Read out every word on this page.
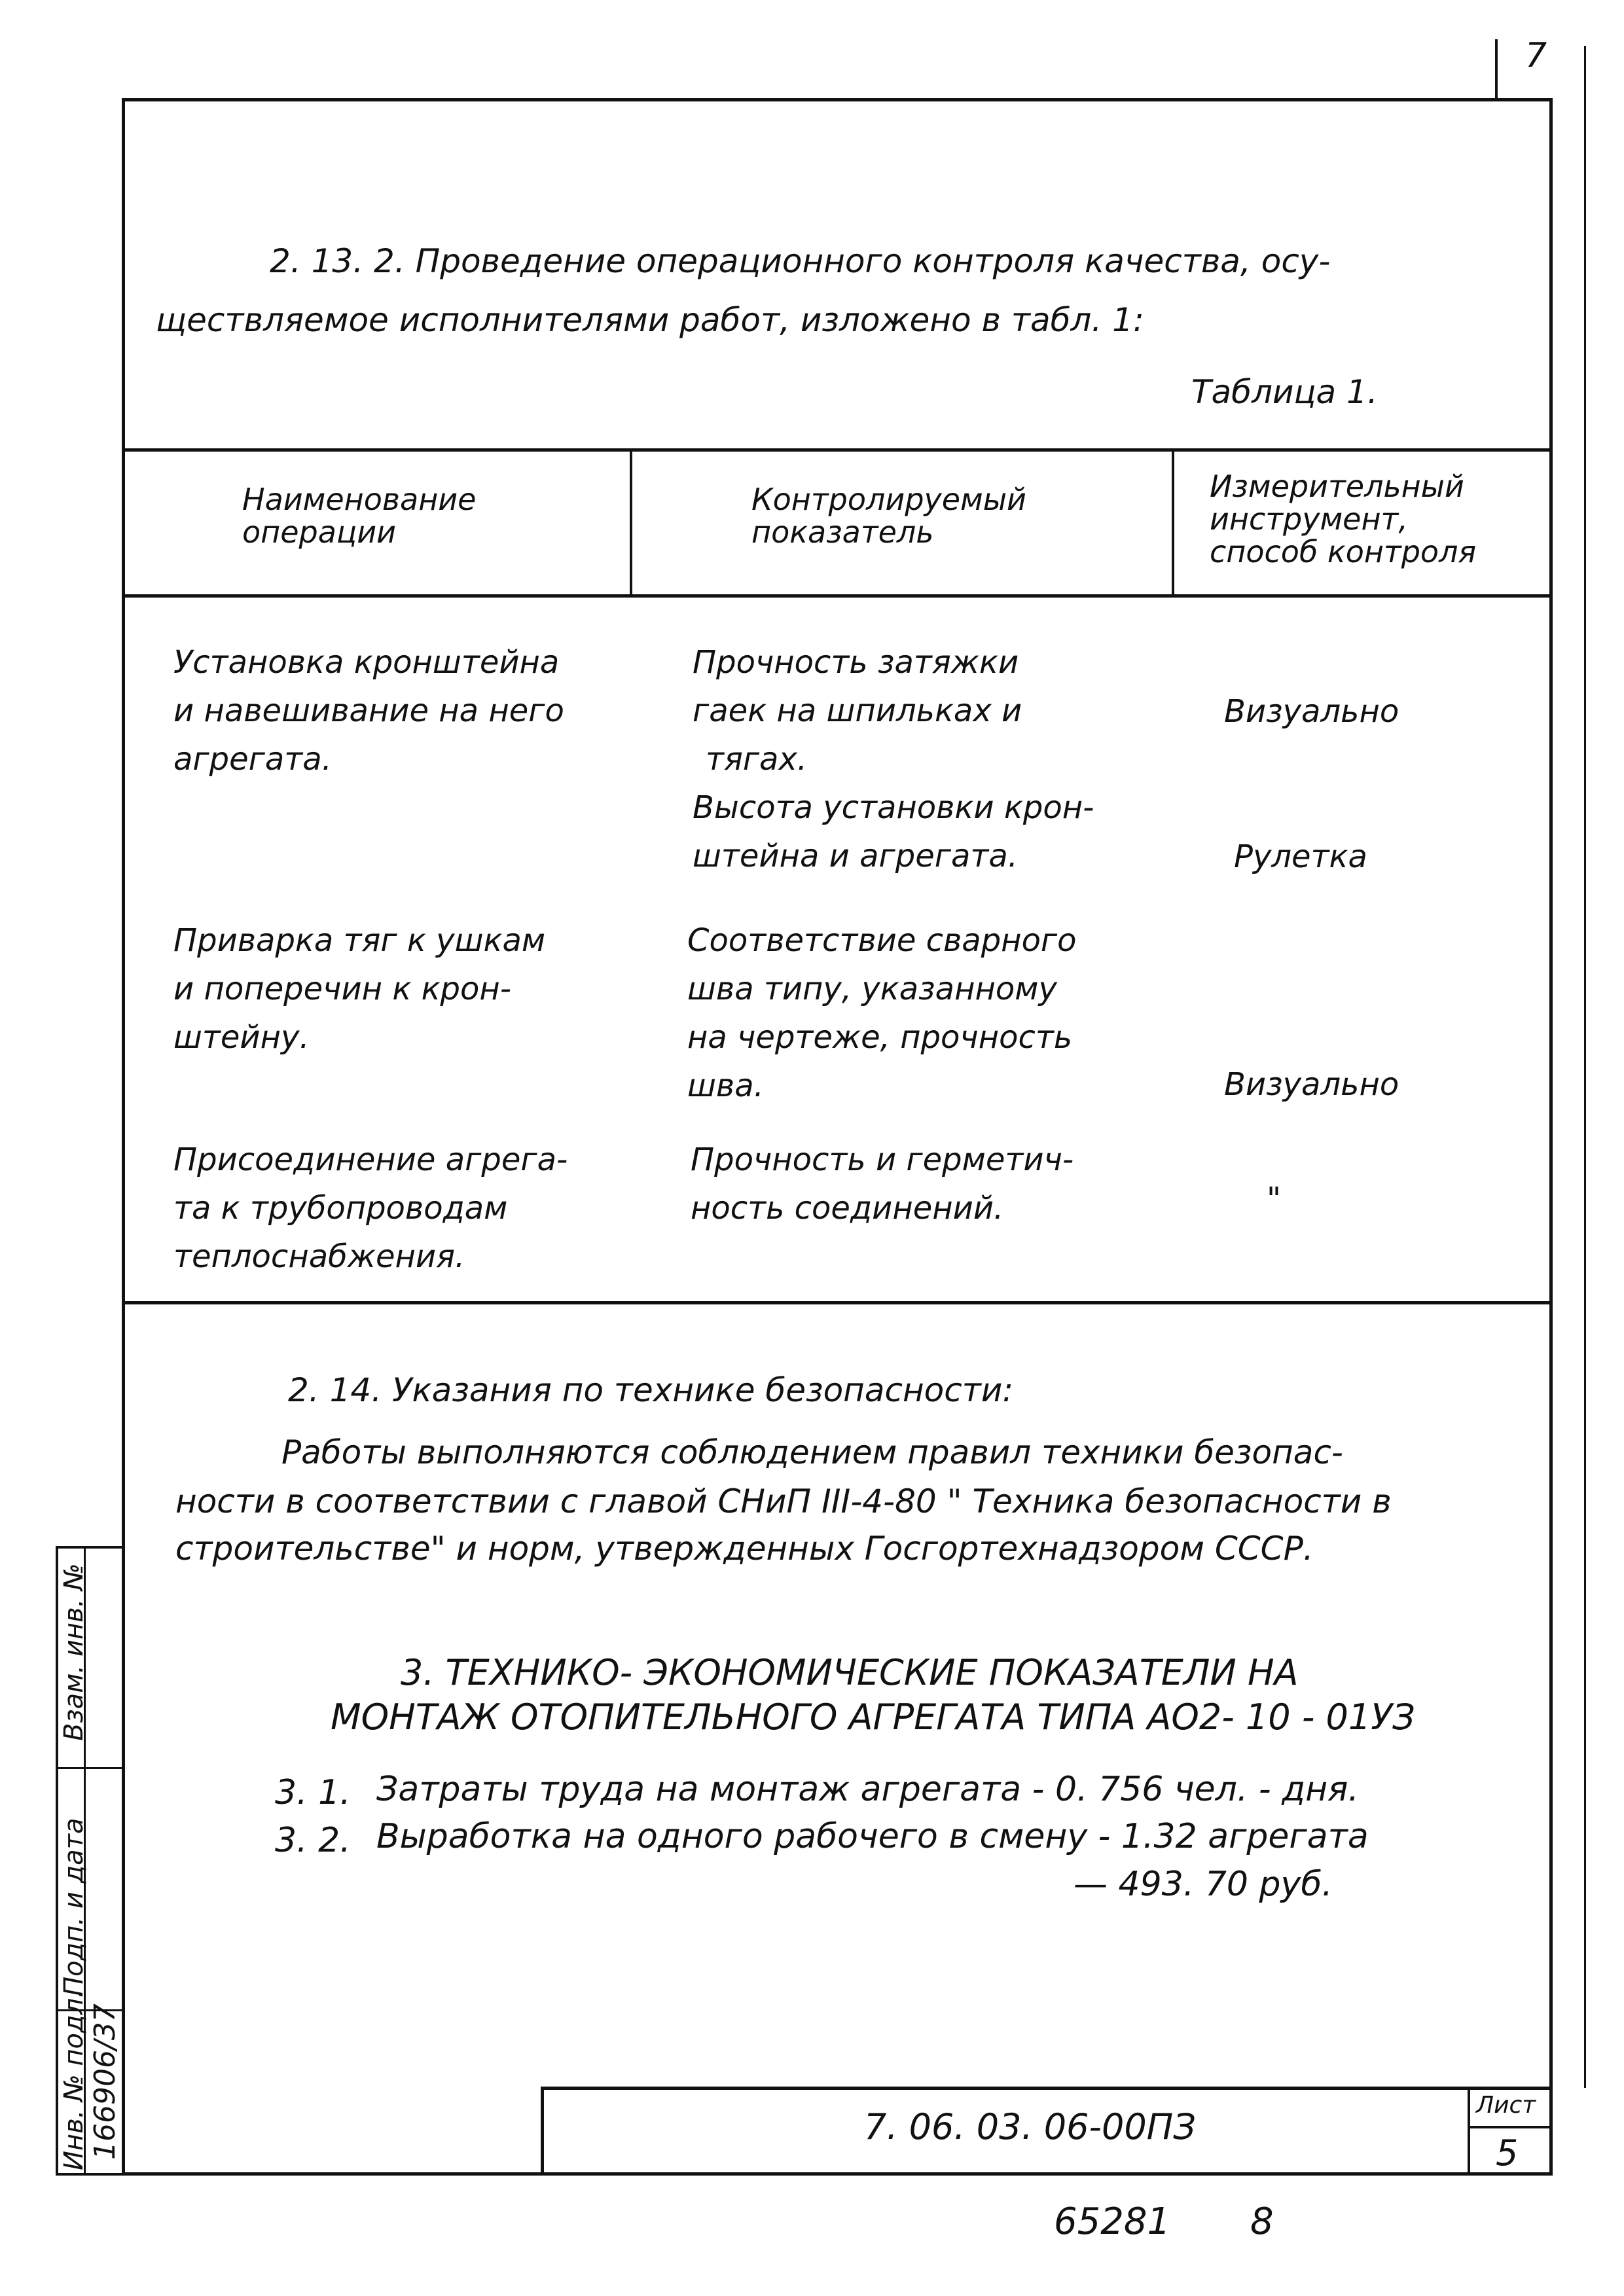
7
2. 13. 2. Проведение операционного контроля качества, осу-
ществляемое исполнителями работ, изложено в табл. 1:
Таблица 1.
Наименование
операции
Контролируемый
показатель
Измерительный
инструмент,
способ контроля
Установка кронштейна
и навешивание на него
агрегата.
Прочность затяжки
гаек на шпильках и
тягах.
Высота установки крон-
штейна и агрегата.
Визуально
Рулетка
Приварка тяг к ушкам
и поперечин к крон-
штейну.
Соответствие сварного
шва типу, указанному
на чертеже, прочность
шва.	Визуально
Присоединение агрега-
та к трубопроводам
теплоснабжения.
Прочность и герметич-
ность соединений.	"
2. 14. Указания по технике безопасности:
Работы выполняются соблюдением правил техники безопас-
ности в соответствии с главой СНиП III-4-80 " Техника безопасности в
строительстве" и норм, утвержденных Госгортехнадзором СССР.
3. ТЕХНИКО- ЭКОНОМИЧЕСКИЕ ПОКАЗАТЕЛИ НА
МОНТАЖ ОТОПИТЕЛЬНОГО АГРЕГАТА ТИПА АО2- 10 - 01УЗ
3. 1. Затраты труда на монтаж агрегата - 0. 756 чел. - дня.
3. 2. Выработка на одного рабочего в смену - 1.32 агрегата
— 493. 70 руб.
7. 06. 03. 06-00ПЗ
Лист
5
Взам. инв. №
Подп. и дата
Инв. № подл. 166906/37
65281 8
